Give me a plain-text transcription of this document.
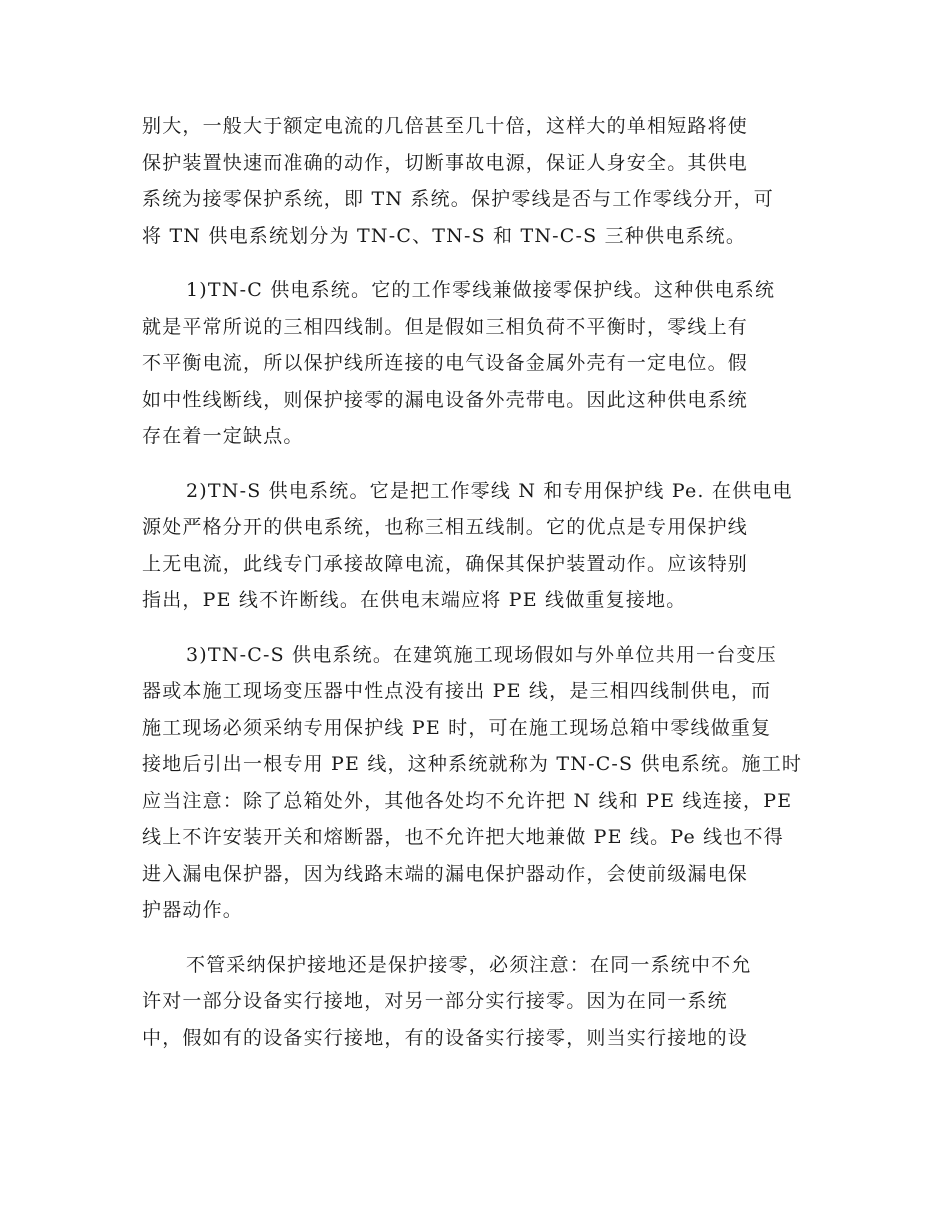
别大，一般大于额定电流的几倍甚至几十倍，这样大的单相短路将使
保护装置快速而准确的动作，切断事故电源，保证人身安全。其供电
系统为接零保护系统，即 TN 系统。保护零线是否与工作零线分开，可
将 TN 供电系统划分为 TN-C、TN-S 和 TN-C-S 三种供电系统。

1)TN-C 供电系统。它的工作零线兼做接零保护线。这种供电系统
就是平常所说的三相四线制。但是假如三相负荷不平衡时，零线上有
不平衡电流，所以保护线所连接的电气设备金属外壳有一定电位。假
如中性线断线，则保护接零的漏电设备外壳带电。因此这种供电系统
存在着一定缺点。

2)TN-S 供电系统。它是把工作零线 N 和专用保护线 Pe. 在供电电
源处严格分开的供电系统，也称三相五线制。它的优点是专用保护线
上无电流，此线专门承接故障电流，确保其保护装置动作。应该特别
指出，PE 线不许断线。在供电末端应将 PE 线做重复接地。

3)TN-C-S 供电系统。在建筑施工现场假如与外单位共用一台变压
器或本施工现场变压器中性点没有接出 PE 线，是三相四线制供电，而
施工现场必须采纳专用保护线 PE 时，可在施工现场总箱中零线做重复
接地后引出一根专用 PE 线，这种系统就称为 TN-C-S 供电系统。施工时
应当注意：除了总箱处外，其他各处均不允许把 N 线和 PE 线连接，PE
线上不许安装开关和熔断器，也不允许把大地兼做 PE 线。Pe 线也不得
进入漏电保护器，因为线路末端的漏电保护器动作，会使前级漏电保
护器动作。

不管采纳保护接地还是保护接零，必须注意：在同一系统中不允
许对一部分设备实行接地，对另一部分实行接零。因为在同一系统
中，假如有的设备实行接地，有的设备实行接零，则当实行接地的设
